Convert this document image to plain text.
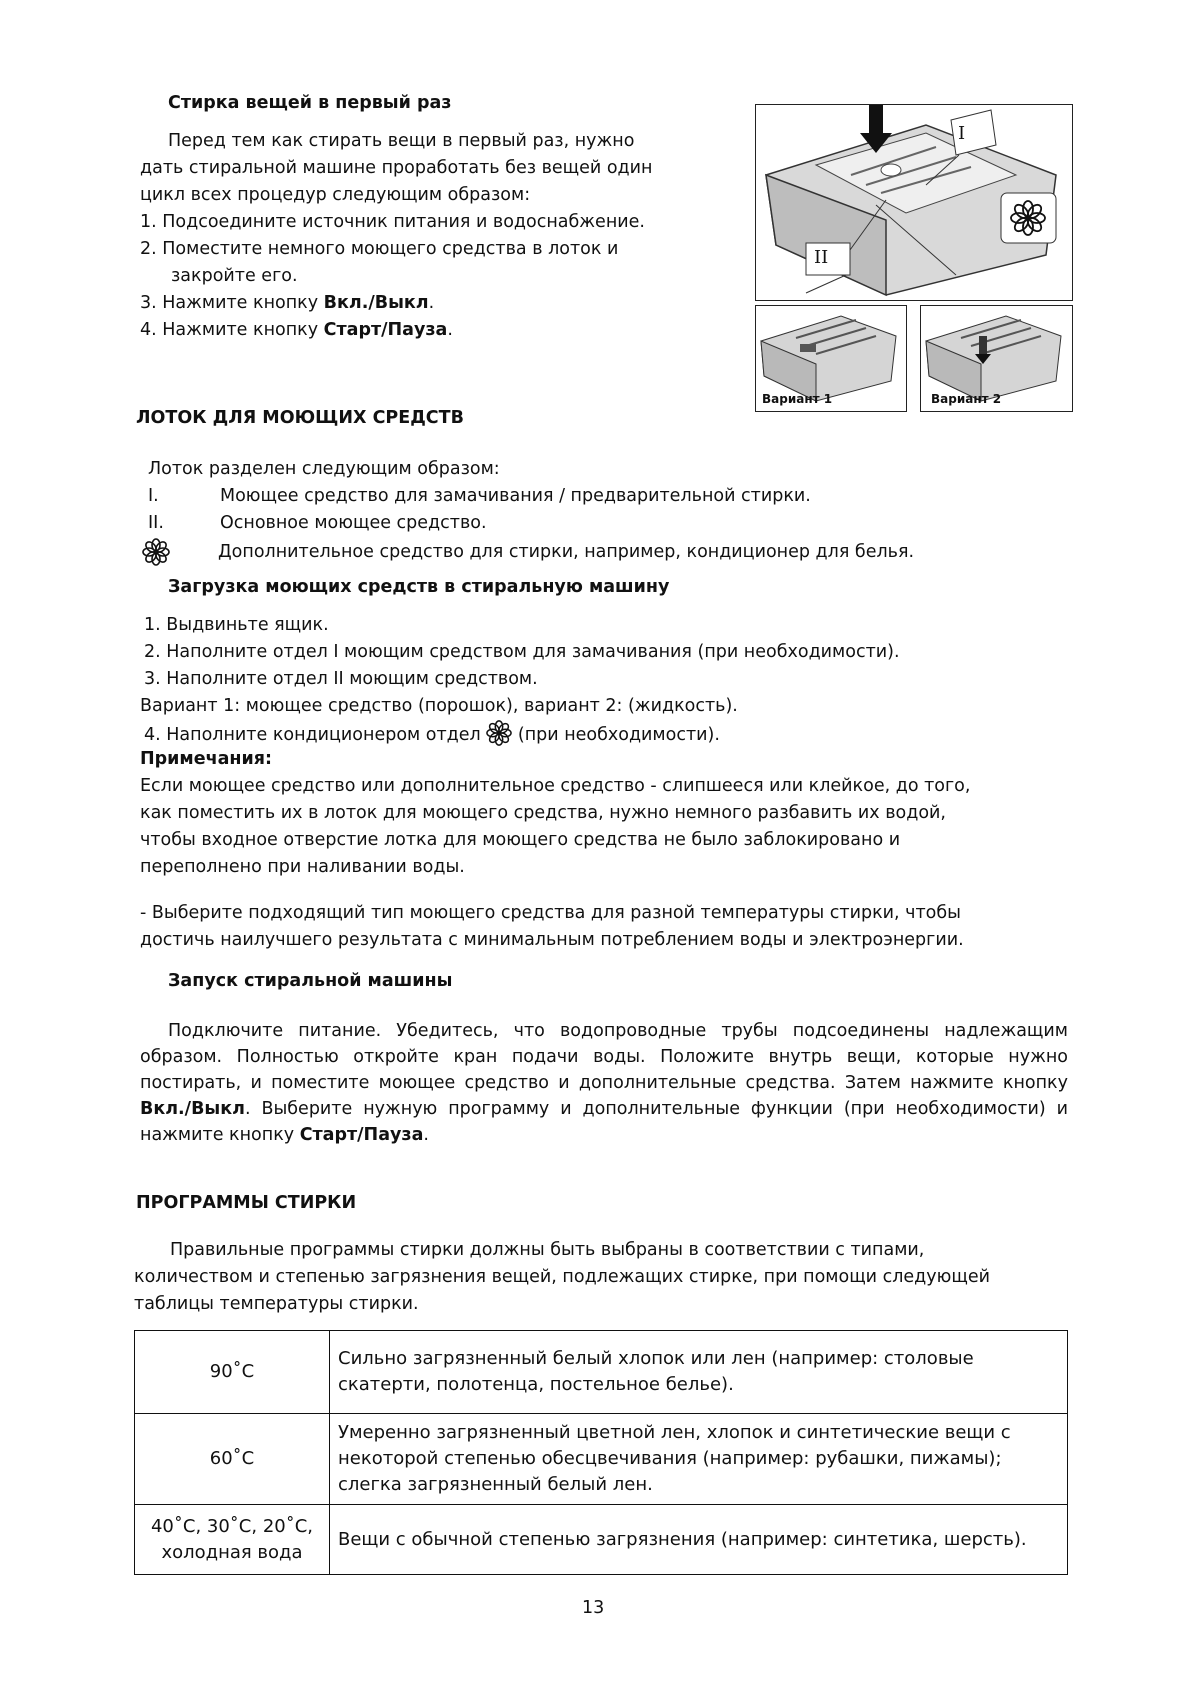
Стирка вещей в первый раз
Перед тем как стирать вещи в первый раз, нужно
дать стиральной машине проработать без вещей один
цикл всех процедур следующим образом:
1. Подсоедините источник питания и водоснабжение.
2. Поместите немного моющего средства в лоток и
закройте его.
3. Нажмите кнопку Вкл./Выкл.
4. Нажмите кнопку Старт/Пауза.
I
II
Вариант 1	Вариант 2
ЛОТОК ДЛЯ МОЮЩИХ СРЕДСТВ
Лоток разделен следующим образом:
I.	Моющее средство для замачивания / предварительной стирки.
II.	Основное моющее средство.
Дополнительное средство для стирки, например, кондиционер для белья.
Загрузка моющих средств в стиральную машину
1. Выдвиньте ящик.
2. Наполните отдел I моющим средством для замачивания (при необходимости).
3. Наполните отдел II моющим средством.
Вариант 1: моющее средство (порошок), вариант 2: (жидкость).
4. Наполните кондиционером отдел  (при необходимости).
Примечания:
Если моющее средство или дополнительное средство - слипшееся или клейкое, до того,
как поместить их в лоток для моющего средства, нужно немного разбавить их водой,
чтобы входное отверстие лотка для моющего средства не было заблокировано и
переполнено при наливании воды.
- Выберите подходящий тип моющего средства для разной температуры стирки, чтобы
достичь наилучшего результата с минимальным потреблением воды и электроэнергии.
Запуск стиральной машины
Подключите питание. Убедитесь, что водопроводные трубы подсоединены надлежащим образом. Полностью откройте кран подачи воды. Положите внутрь вещи, которые нужно постирать, и поместите моющее средство и дополнительные средства. Затем нажмите кнопку Вкл./Выкл. Выберите нужную программу и дополнительные функции (при необходимости) и нажмите кнопку Старт/Пауза.
ПРОГРАММЫ СТИРКИ
Правильные программы стирки должны быть выбраны в соответствии с типами,
количеством и степенью загрязнения вещей, подлежащих стирке, при помощи следующей
таблицы температуры стирки.
90˚C	Сильно загрязненный белый хлопок или лен (например: столовые скатерти, полотенца, постельное белье).

60˚C	Умеренно загрязненный цветной лен, хлопок и синтетические вещи с некоторой степенью обесцвечивания (например: рубашки, пижамы); слегка загрязненный белый лен.

40˚C, 30˚C, 20˚C,
холодная вода	Вещи с обычной степенью загрязнения (например: синтетика, шерсть).
13
